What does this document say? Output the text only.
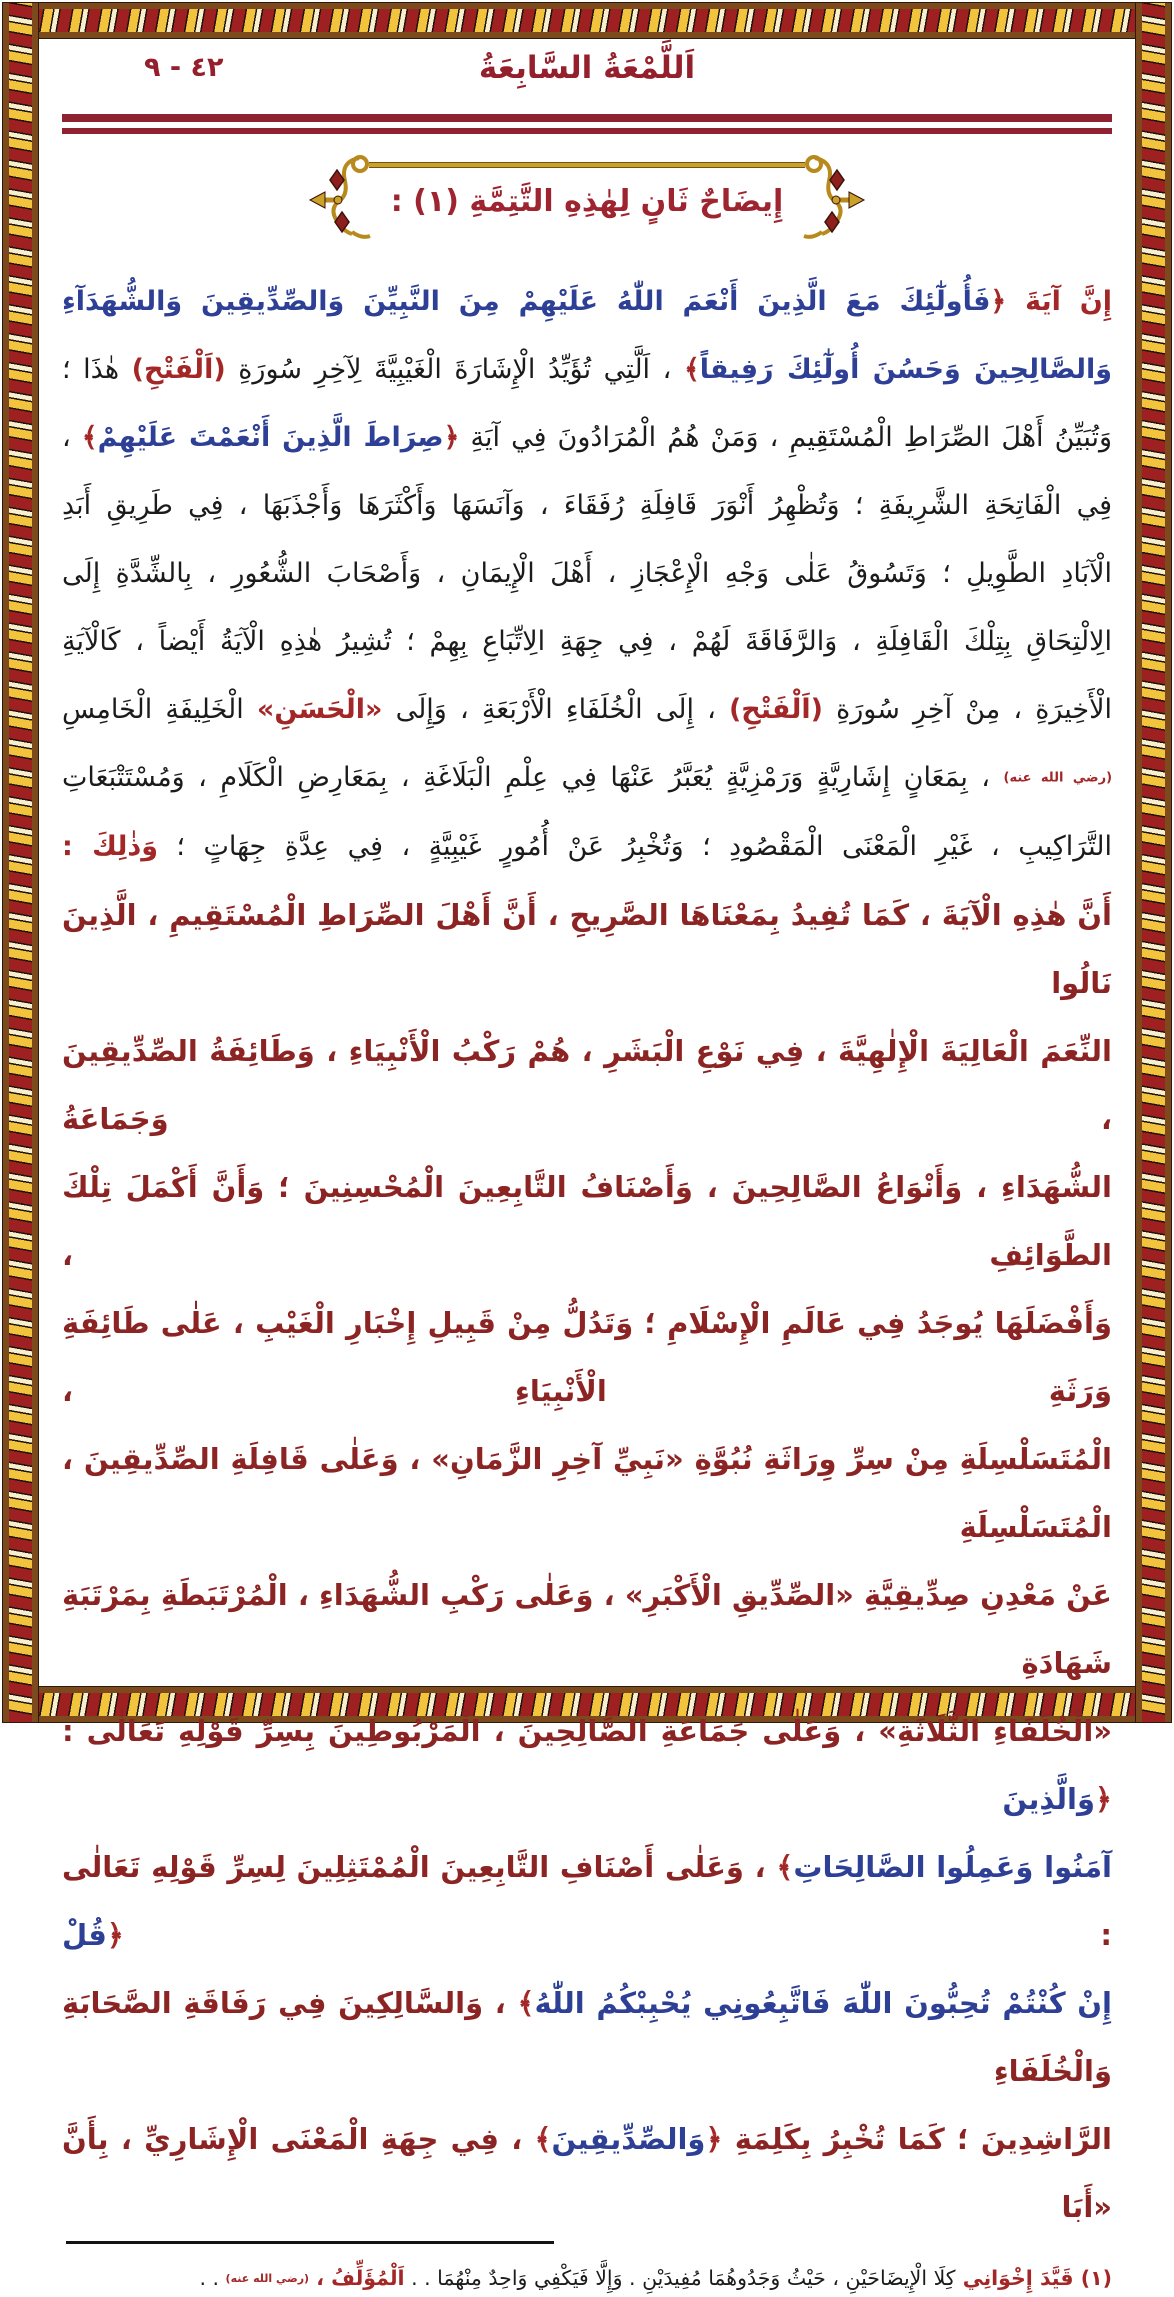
اَللَّمْعَةُ السَّابِعَةُ
٤٢ - ٩
إِيضَاحٌ ثَانٍ لِهٰذِهِ التَّتِمَّةِ (١) :
إِنَّ آيَةَ ﴿فَأُولٰٓئِكَ مَعَ الَّذِينَ أَنْعَمَ اللّٰهُ عَلَيْهِمْ مِنَ النَّبِيِّنَ وَالصِّدِّيقِينَ وَالشُّهَدَآءِ
وَالصَّالِحِينَ وَحَسُنَ أُولٰٓئِكَ رَفِيقاً﴾ ، اَلَّتِي تُؤَيِّدُ الْإِشَارَةَ الْغَيْبِيَّةَ لِآخِرِ سُورَةِ (اَلْفَتْحِ) هٰذَا ؛
وَتُبَيِّنُ أَهْلَ الصِّرَاطِ الْمُسْتَقِيمِ ، وَمَنْ هُمُ الْمُرَادُونَ فِي آيَةِ ﴿صِرَاطَ الَّذِينَ أَنْعَمْتَ عَلَيْهِمْ﴾ ،
فِي الْفَاتِحَةِ الشَّرِيفَةِ ؛ وَتُظْهِرُ أَنْوَرَ قَافِلَةِ رُفَقَاءَ ، وَآنَسَهَا وَأَكْثَرَهَا وَأَجْذَبَهَا ، فِي طَرِيقِ أَبَدِ
الْآبَادِ الطَّوِيلِ ؛ وَتَسُوقُ عَلٰى وَجْهِ الْإِعْجَازِ ، أَهْلَ الْإِيمَانِ ، وَأَصْحَابَ الشُّعُورِ ، بِالشِّدَّةِ إِلَى
الِالْتِحَاقِ بِتِلْكَ الْقَافِلَةِ ، وَالرَّفَاقَةَ لَهُمْ ، فِي جِهَةِ الِاتِّبَاعِ بِهِمْ ؛ تُشِيرُ هٰذِهِ الْآيَةُ أَيْضاً ، كَالْآيَةِ
الْأَخِيرَةِ ، مِنْ آخِرِ سُورَةِ (اَلْفَتْحِ) ، إِلَى الْخُلَفَاءِ الْأَرْبَعَةِ ، وَإِلَى «الْحَسَنِ» الْخَلِيفَةِ الْخَامِسِ
(رضي الله عنه) ، بِمَعَانٍ إِشَارِيَّةٍ وَرَمْزِيَّةٍ يُعَبَّرُ عَنْهَا فِي عِلْمِ الْبَلَاغَةِ ، بِمَعَارِضِ الْكَلَامِ ، وَمُسْتَتْبَعَاتِ
التَّرَاكِيبِ ، غَيْرِ الْمَعْنَى الْمَقْصُودِ ؛ وَتُخْبِرُ عَنْ أُمُورٍ غَيْبِيَّةٍ ، فِي عِدَّةِ جِهَاتٍ ؛ وَذٰلِكَ :
أَنَّ هٰذِهِ الْآيَةَ ، كَمَا تُفِيدُ بِمَعْنَاهَا الصَّرِيحِ ، أَنَّ أَهْلَ الصِّرَاطِ الْمُسْتَقِيمِ ، الَّذِينَ نَالُوا
النِّعَمَ الْعَالِيَةَ الْإِلٰهِيَّةَ ، فِي نَوْعِ الْبَشَرِ ، هُمْ رَكْبُ الْأَنْبِيَاءِ ، وَطَائِفَةُ الصِّدِّيقِينَ ، وَجَمَاعَةُ
الشُّهَدَاءِ ، وَأَنْوَاعُ الصَّالِحِينَ ، وَأَصْنَافُ التَّابِعِينَ الْمُحْسِنِينَ ؛ وَأَنَّ أَكْمَلَ تِلْكَ الطَّوَائِفِ ،
وَأَفْضَلَهَا يُوجَدُ فِي عَالَمِ الْإِسْلَامِ ؛ وَتَدُلُّ مِنْ قَبِيلِ إِخْبَارِ الْغَيْبِ ، عَلٰى طَائِفَةِ وَرَثَةِ الْأَنْبِيَاءِ ،
الْمُتَسَلْسِلَةِ مِنْ سِرِّ وِرَاثَةِ نُبُوَّةِ «نَبِيِّ آخِرِ الزَّمَانِ» ، وَعَلٰى قَافِلَةِ الصِّدِّيقِينَ ، الْمُتَسَلْسِلَةِ
عَنْ مَعْدِنِ صِدِّيقِيَّةِ «الصِّدِّيقِ الْأَكْبَرِ» ، وَعَلٰى رَكْبِ الشُّهَدَاءِ ، الْمُرْتَبَطَةِ بِمَرْتَبَةِ شَهَادَةِ
«الْخُلَفَاءِ الثَّلَاثَةِ» ، وَعَلٰى جَمَاعَةِ الصَّالِحِينَ ، الْمَرْبُوطِينَ بِسِرِّ قَوْلِهِ تَعَالٰى : ﴿وَالَّذِينَ
آمَنُوا وَعَمِلُوا الصَّالِحَاتِ﴾ ، وَعَلٰى أَصْنَافِ التَّابِعِينَ الْمُمْتَثِلِينَ لِسِرِّ قَوْلِهِ تَعَالٰى : ﴿قُلْ
إِنْ كُنْتُمْ تُحِبُّونَ اللّٰهَ فَاتَّبِعُونِي يُحْبِبْكُمُ اللّٰهُ﴾ ، وَالسَّالِكِينَ فِي رَفَاقَةِ الصَّحَابَةِ وَالْخُلَفَاءِ
الرَّاشِدِينَ ؛ كَمَا تُخْبِرُ بِكَلِمَةِ ﴿وَالصِّدِّيقِينَ﴾ ، فِي جِهَةِ الْمَعْنَى الْإِشَارِيِّ ، بِأَنَّ «أَبَا
(١) قَيَّدَ إِخْوَانِي كِلَا الْإِيضَاحَيْنِ ، حَيْثُ وَجَدُوهُمَا مُفِيدَيْنِ . وَإِلَّا فَيَكْفِي وَاحِدٌ مِنْهُمَا . . اَلْمُؤَلِّفُ ، (رضي الله عنه) . .
